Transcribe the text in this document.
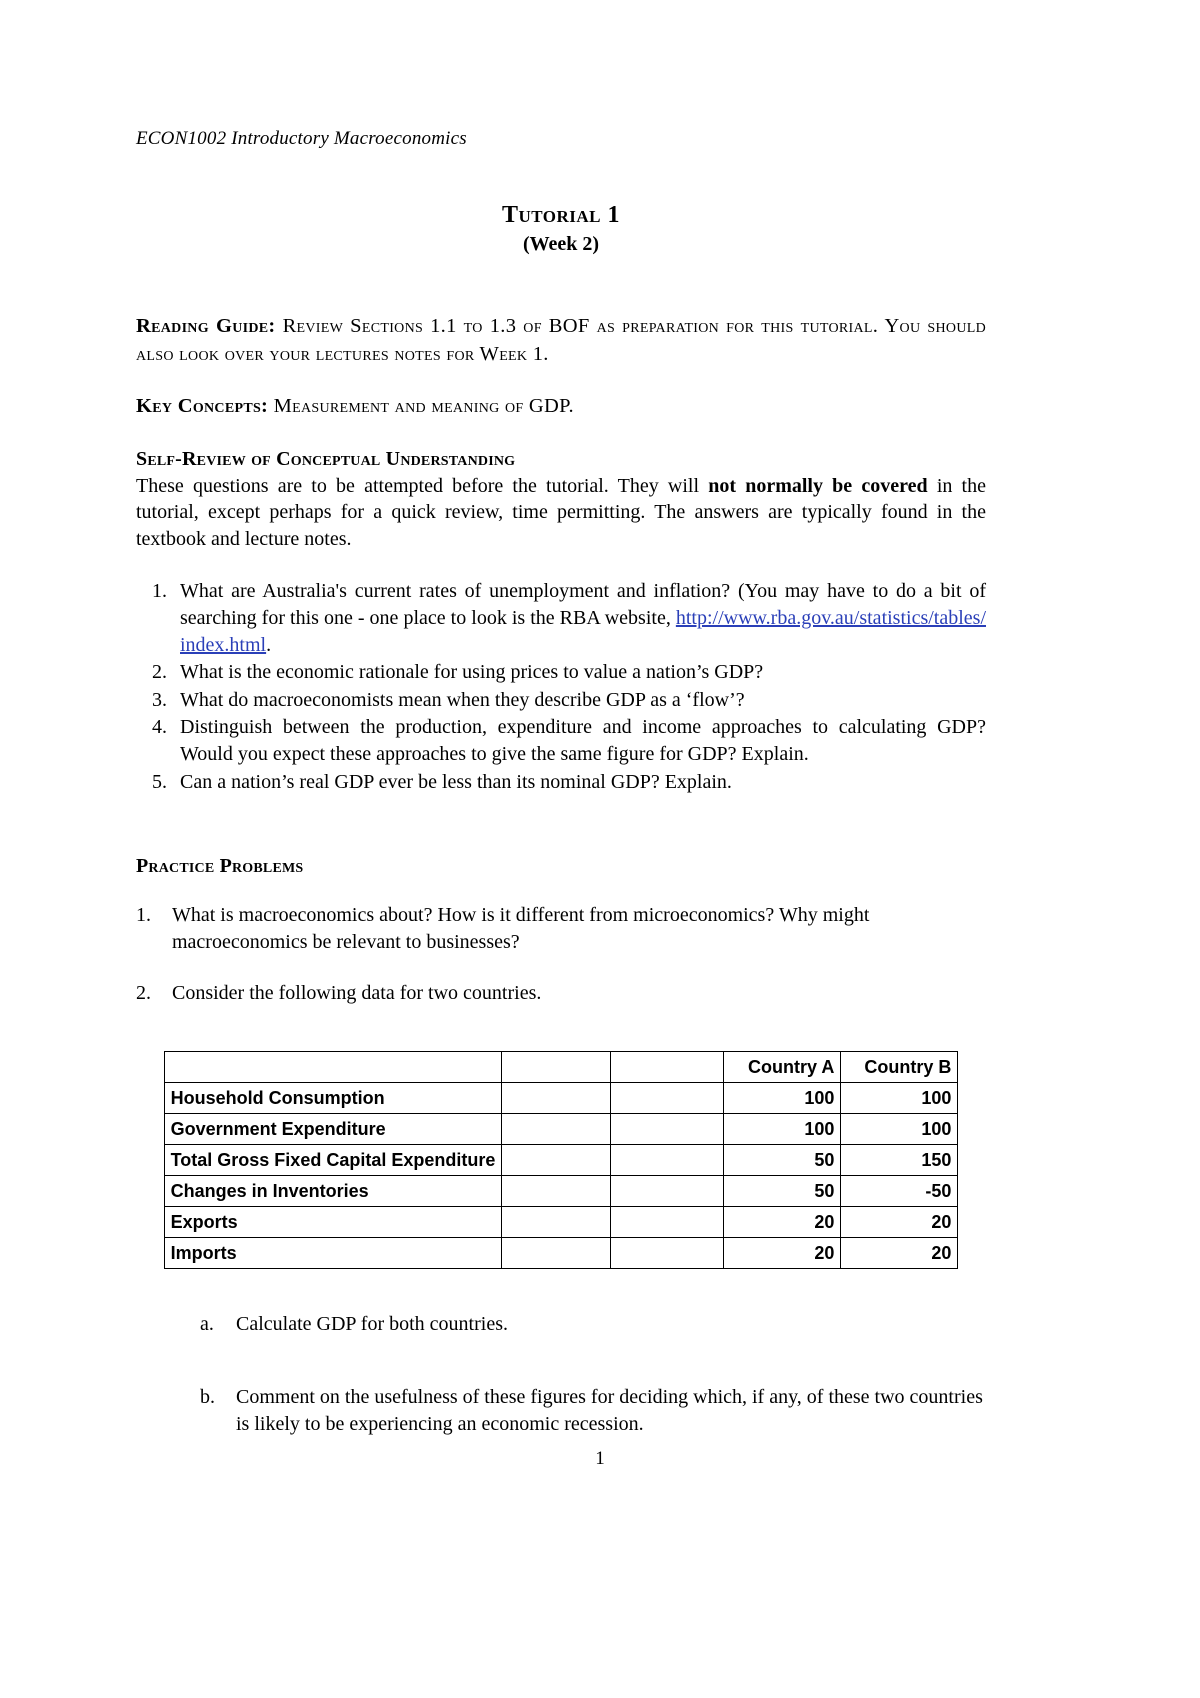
ECON1002 Introductory Macroeconomics
Tutorial 1
(Week 2)
Reading Guide: Review Sections 1.1 to 1.3 of BOF as preparation for this tutorial. You should also look over your lectures notes for Week 1.
Key Concepts: Measurement and meaning of GDP.
Self-Review of Conceptual Understanding
These questions are to be attempted before the tutorial. They will not normally be covered in the tutorial, except perhaps for a quick review, time permitting. The answers are typically found in the textbook and lecture notes.
1. What are Australia's current rates of unemployment and inflation? (You may have to do a bit of searching for this one - one place to look is the RBA website, http://www.rba.gov.au/statistics/tables/index.html.
2. What is the economic rationale for using prices to value a nation’s GDP?
3. What do macroeconomists mean when they describe GDP as a ‘flow’?
4. Distinguish between the production, expenditure and income approaches to calculating GDP? Would you expect these approaches to give the same figure for GDP? Explain.
5. Can a nation’s real GDP ever be less than its nominal GDP? Explain.
Practice Problems
1.	What is macroeconomics about? How is it different from microeconomics? Why might macroeconomics be relevant to businesses?
2.	Consider the following data for two countries.
			Country A	Country B
Household Consumption			100	100
Government Expenditure			100	100
Total Gross Fixed Capital Expenditure			50	150
Changes in Inventories			50	-50
Exports			20	20
Imports			20	20
a.	Calculate GDP for both countries.
b.	Comment on the usefulness of these figures for deciding which, if any, of these two countries is likely to be experiencing an economic recession.
1
